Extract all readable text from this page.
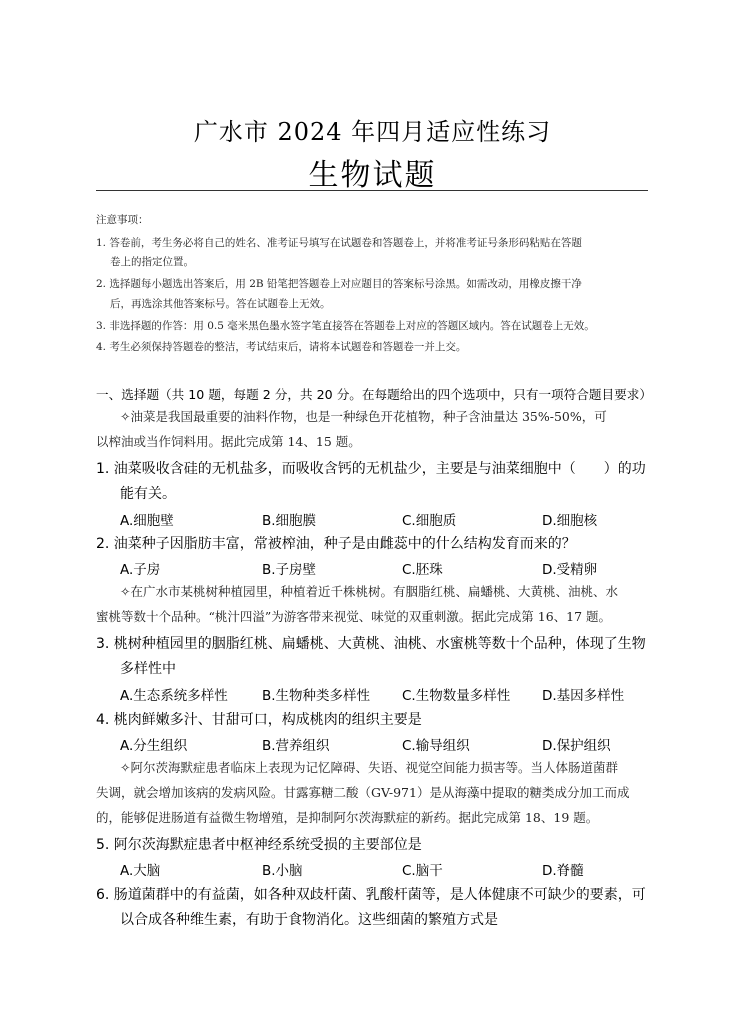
广水市 2024 年四月适应性练习
生物试题
注意事项：
1. 答卷前，考生务必将自己的姓名、准考证号填写在试题卷和答题卷上，并将准考证号条形码粘贴在答题
卷上的指定位置。
2. 选择题每小题选出答案后，用 2B 铅笔把答题卷上对应题目的答案标号涂黑。如需改动，用橡皮擦干净
后，再选涂其他答案标号。答在试题卷上无效。
3. 非选择题的作答：用 0.5 毫米黑色墨水签字笔直接答在答题卷上对应的答题区域内。答在试题卷上无效。
4. 考生必须保持答题卷的整洁，考试结束后，请将本试题卷和答题卷一并上交。
一、选择题（共 10 题，每题 2 分，共 20 分。在每题给出的四个选项中，只有一项符合题目要求）
✧油菜是我国最重要的油料作物，也是一种绿色开花植物，种子含油量达 35%-50%，可
以榨油或当作饲料用。据此完成第 14、15 题。
1. 油菜吸收含硅的无机盐多，而吸收含钙的无机盐少，主要是与油菜细胞中（　　）的功
能有关。
A.细胞壁	B.细胞膜	C.细胞质	D.细胞核
2. 油菜种子因脂肪丰富，常被榨油，种子是由雌蕊中的什么结构发育而来的？
A.子房	B.子房壁	C.胚珠	D.受精卵
✧在广水市某桃树种植园里，种植着近千株桃树。有胭脂红桃、扁蟠桃、大黄桃、油桃、水
蜜桃等数十个品种。“桃汁四溢”为游客带来视觉、味觉的双重刺激。据此完成第 16、17 题。
3. 桃树种植园里的胭脂红桃、扁蟠桃、大黄桃、油桃、水蜜桃等数十个品种，体现了生物
多样性中
A.生态系统多样性	B.生物种类多样性 C.生物数量多样性 D.基因多样性
4. 桃肉鲜嫩多汁、甘甜可口，构成桃肉的组织主要是
A.分生组织	B.营养组织	C.输导组织	D.保护组织
✧阿尔茨海默症患者临床上表现为记忆障碍、失语、视觉空间能力损害等。当人体肠道菌群
失调，就会增加该病的发病风险。甘露寡糖二酸（GV-971）是从海藻中提取的糖类成分加工而成
的，能够促进肠道有益微生物增殖，是抑制阿尔茨海默症的新药。据此完成第 18、19 题。
5. 阿尔茨海默症患者中枢神经系统受损的主要部位是
A.大脑	B.小脑	C.脑干	D.脊髓
6. 肠道菌群中的有益菌，如各种双歧杆菌、乳酸杆菌等，是人体健康不可缺少的要素，可
以合成各种维生素，有助于食物消化。这些细菌的繁殖方式是
